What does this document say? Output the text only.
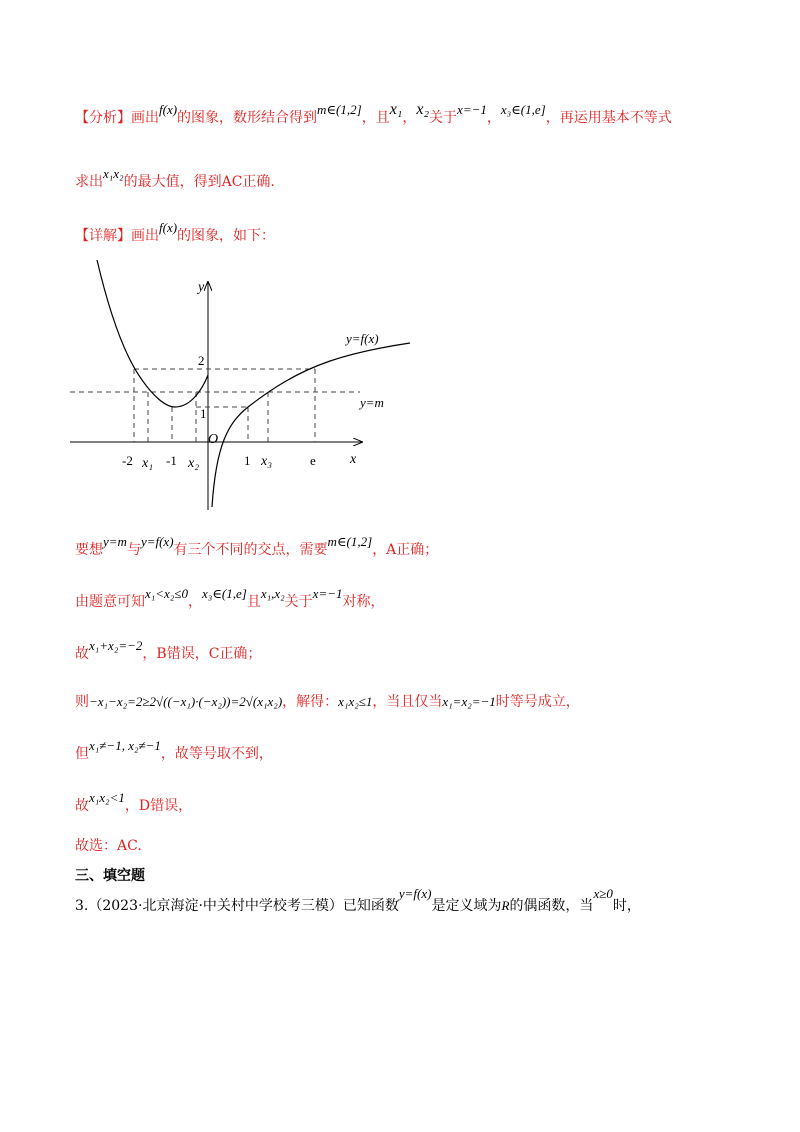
【分析】画出f(x)的图象，数形结合得到m∈(1,2]，且x₁，x₂关于x=−1，x₃∈(1,e]，再运用基本不等式
求出x₁x₂的最大值，得到AC正确.
【详解】画出f(x)的图象，如下：
y
x
O
y=f(x)
y=m
2
1
-2 x₁ -1 x₂	1 x₃	e
要想y=m与y=f(x)有三个不同的交点，需要m∈(1,2]，A正确；
由题意可知x₁<x₂≤0，x₃∈(1,e]且x₁,x₂关于x=−1对称，
故x₁+x₂=−2，B错误，C正确；
则−x₁−x₂=2≥2√((−x₁)·(−x₂))=2√(x₁x₂)，解得：x₁x₂≤1，当且仅当x₁=x₂=−1时等号成立，
但x₁≠−1, x₂≠−1，故等号取不到，
故x₁x₂<1，D错误，
故选：AC.
三、填空题
3.（2023·北京海淀·中关村中学校考三模）已知函数y=f(x)是定义域为R的偶函数，当x≥0时，
